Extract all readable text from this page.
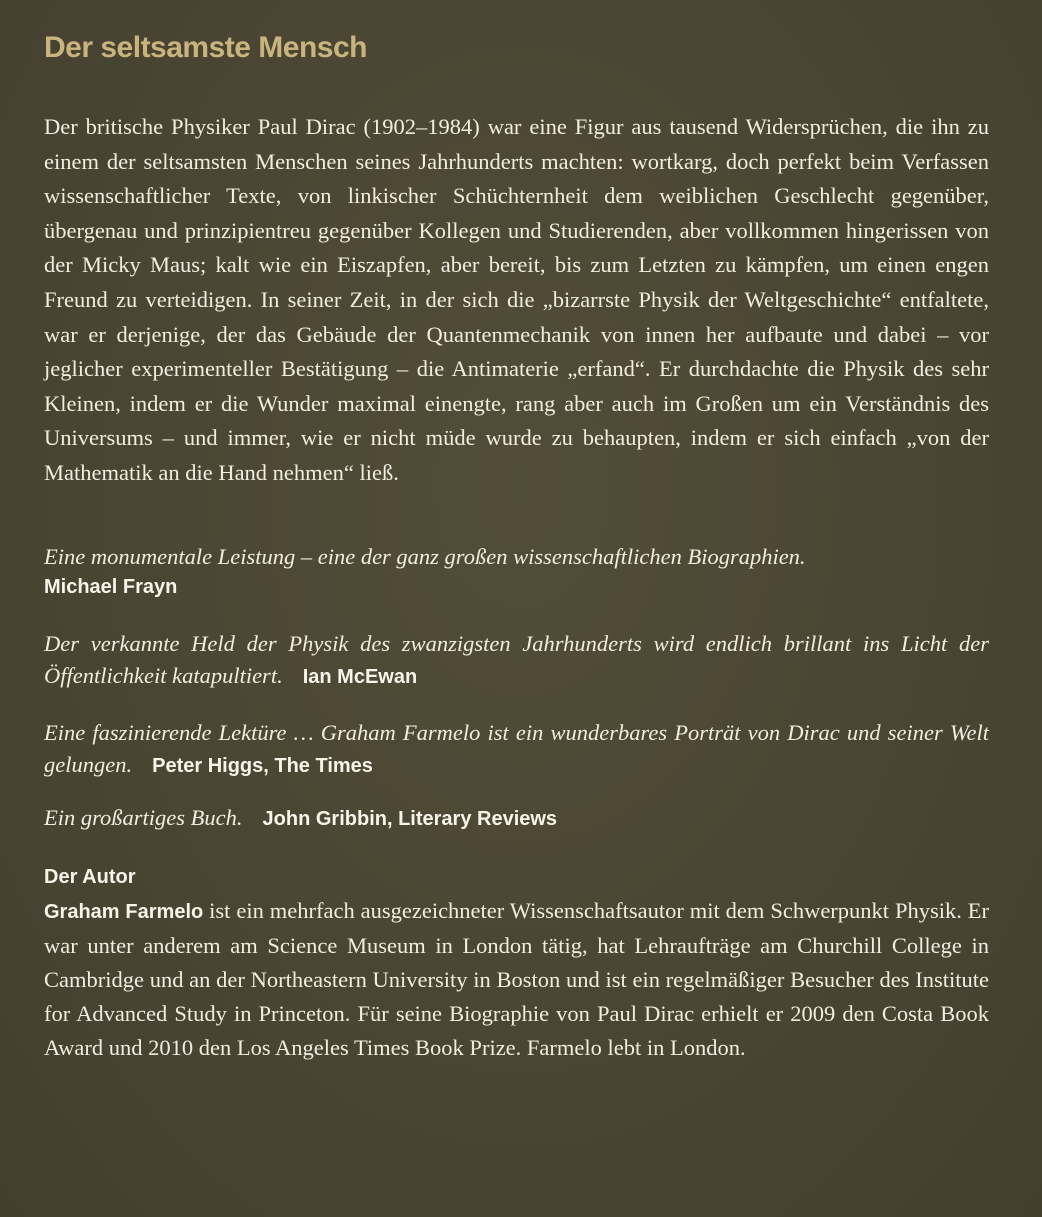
Der seltsamste Mensch

Der britische Physiker Paul Dirac (1902–1984) war eine Figur aus tausend Widersprüchen, die ihn zu einem der seltsamsten Menschen seines Jahrhunderts machten: wortkarg, doch perfekt beim Verfassen wissenschaftlicher Texte, von linkischer Schüchternheit dem weiblichen Geschlecht gegenüber, übergenau und prinzipientreu gegenüber Kollegen und Studierenden, aber vollkommen hingerissen von der Micky Maus; kalt wie ein Eiszapfen, aber bereit, bis zum Letzten zu kämpfen, um einen engen Freund zu verteidigen. In seiner Zeit, in der sich die „bizarrste Physik der Weltgeschichte“ entfaltete, war er derjenige, der das Gebäude der Quantenmechanik von innen her aufbaute und dabei – vor jeglicher experimenteller Bestätigung – die Antimaterie „erfand“. Er durchdachte die Physik des sehr Kleinen, indem er die Wunder maximal einengte, rang aber auch im Großen um ein Verständnis des Universums – und immer, wie er nicht müde wurde zu behaupten, indem er sich einfach „von der Mathematik an die Hand nehmen“ ließ.

Eine monumentale Leistung – eine der ganz großen wissenschaftlichen Biographien.
Michael Frayn
Der verkannte Held der Physik des zwanzigsten Jahrhunderts wird endlich brillant ins Licht der Öffentlichkeit katapultiert. Ian McEwan
Eine faszinierende Lektüre … Graham Farmelo ist ein wunderbares Porträt von Dirac und seiner Welt gelungen. Peter Higgs, The Times
Ein großartiges Buch. John Gribbin, Literary Reviews
Der Autor

Graham Farmelo ist ein mehrfach ausgezeichneter Wissenschaftsautor mit dem Schwerpunkt Physik. Er war unter anderem am Science Museum in London tätig, hat Lehraufträge am Churchill College in Cambridge und an der Northeastern University in Boston und ist ein regelmäßiger Besucher des Institute for Advanced Study in Princeton. Für seine Biographie von Paul Dirac erhielt er 2009 den Costa Book Award und 2010 den Los Angeles Times Book Prize. Farmelo lebt in London.
